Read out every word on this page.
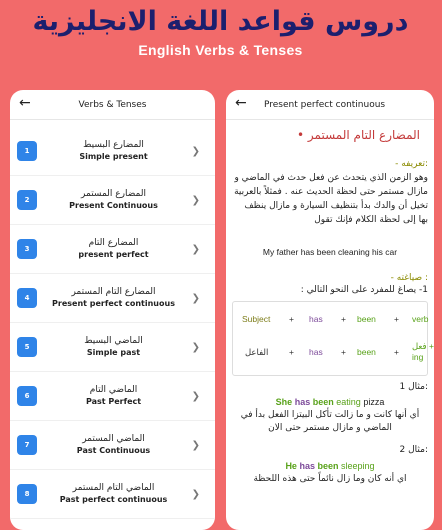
دروس قواعد اللغة الانجليزية
English Verbs & Tenses
←	Verbs & Tenses
1
المضارع البسيط
Simple present	❯
2
المضارع المستمر
Present Continuous	❯
3
المضارع التام
present perfect	❯
4
المضارع التام المستمر
Present perfect continuous	❯
5
الماضي البسيط
Simple past	❯
6
الماضي التام
Past Perfect	❯
7
الماضي المستمر
Past Continuous	❯
8
الماضي التام المستمر
Past perfect continuous	❯
←	Present perfect continuous
• المضارع التام المستمر
- تعريفه:
وهو الزمن الذي يتحدث عن فعل حدث في الماضي و مازال مستمر حتى لحظة الحديث عنه . فمثلاً بالعربية تخيل أن والدك بدأ بتنظيف السيارة و مازال ينظف بها إلى لحظة الكلام فإنك تقول
My father has been cleaning his car
- صياغته :
1- يصاغ للمفرد على النحو التالي :
Subject + has + been + verb
الفاعل + has + been +
فعل + ing
مثال 1:
She has been eating pizza
أي أنها كانت و ما زالت تأكل البيتزا الفعل بدأ في
الماضي و مازال مستمر حتى الان
مثال 2:
He has been sleeping
اي أنه كان وما زال نائماً حتى هذه اللحظة
